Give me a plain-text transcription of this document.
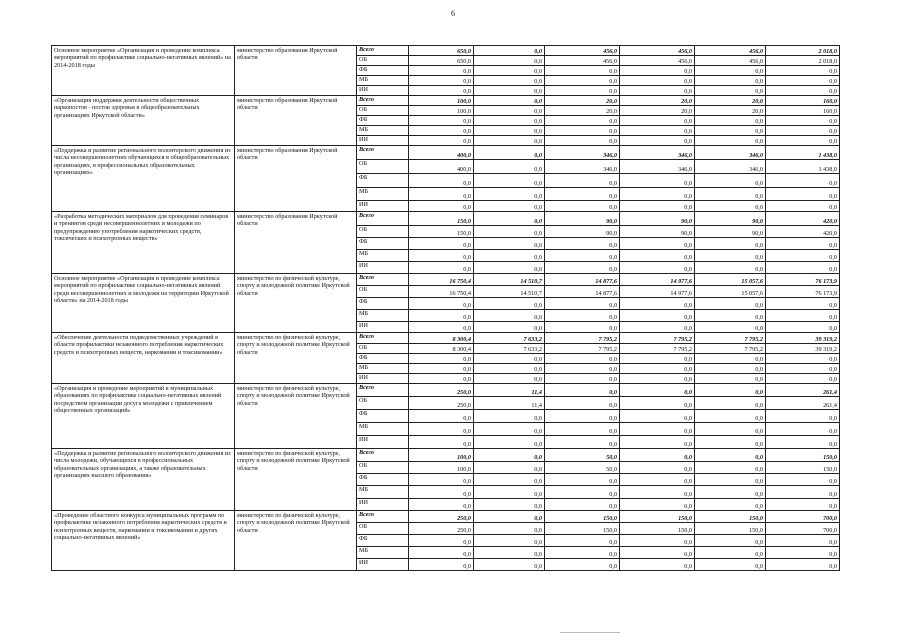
6
Основное мероприятие «Организация и проведение комплекса мероприятий по профилактике социально-негативных явлений» на 2014-2018 годы	министерство образования Иркутской области	Всего	650,0	0,0	456,0	456,0	456,0	2 018,0
		ОБ	650,0	0,0	456,0	456,0	456,0	2 018,0
		ФБ	0,0	0,0	0,0	0,0	0,0	0,0
		МБ	0,0	0,0	0,0	0,0	0,0	0,0
		ИИ	0,0	0,0	0,0	0,0	0,0	0,0
«Организация поддержки деятельности общественных наркопостов - постов здоровья в общеобразовательных организациях Иркутской области»	министерство образования Иркутской области	Всего	100,0	0,0	20,0	20,0	20,0	160,0
		ОБ	100,0	0,0	20,0	20,0	20,0	160,0
		ФБ	0,0	0,0	0,0	0,0	0,0	0,0
		МБ	0,0	0,0	0,0	0,0	0,0	0,0
		ИИ	0,0	0,0	0,0	0,0	0,0	0,0
«Поддержка и развитие регионального волонтерского движения из числа несовершеннолетних обучающихся в общеобразовательных организациях, в профессиональных образовательных организациях»	министерство образования Иркутской области	Всего	400,0	0,0	346,0	346,0	346,0	1 438,0
		ОБ	400,0	0,0	346,0	346,0	346,0	1 438,0
		ФБ	0,0	0,0	0,0	0,0	0,0	0,0
		МБ	0,0	0,0	0,0	0,0	0,0	0,0
		ИИ	0,0	0,0	0,0	0,0	0,0	0,0
«Разработка методических материалов для проведения семинаров и тренингов среди несовершеннолетних и молодежи по предупреждению употребления наркотических средств, токсических и психотропных веществ»	министерство образования Иркутской области	Всего	150,0	0,0	90,0	90,0	90,0	420,0
		ОБ	150,0	0,0	90,0	90,0	90,0	420,0
		ФБ	0,0	0,0	0,0	0,0	0,0	0,0
		МБ	0,0	0,0	0,0	0,0	0,0	0,0
		ИИ	0,0	0,0	0,0	0,0	0,0	0,0
Основное мероприятие «Организация и проведение комплекса мероприятий по профилактике социально-негативных явлений среди несовершеннолетних и молодежи на территории Иркутской области» на 2014-2018 годы	министерство по физической культуре, спорту и молодежной политике Иркутской области	Всего	16 750,4	14 510,7	14 877,6	14 977,6	15 057,6	76 173,9
		ОБ	16 750,4	14 510,7	14 877,6	14 977,6	15 057,6	76 173,9
		ФБ	0,0	0,0	0,0	0,0	0,0	0,0
		МБ	0,0	0,0	0,0	0,0	0,0	0,0
		ИИ	0,0	0,0	0,0	0,0	0,0	0,0
«Обеспечение деятельности подведомственных учреждений в области профилактики незаконного потребления наркотических средств и психотропных веществ, наркомании и токсикомании»	министерство по физической культуре, спорту и молодежной политике Иркутской области	Всего	8 300,4	7 633,2	7 795,2	7 795,2	7 795,2	39 319,2
		ОБ	8 300,4	7 633,2	7 795,2	7 795,2	7 795,2	39 319,2
		ФБ	0,0	0,0	0,0	0,0	0,0	0,0
		МБ	0,0	0,0	0,0	0,0	0,0	0,0
		ИИ	0,0	0,0	0,0	0,0	0,0	0,0
«Организация и проведение мероприятий в муниципальных образованиях по профилактике социально-негативных явлений посредством организации досуга молодежи с привлечением общественных организаций»	министерство по физической культуре, спорту и молодежной политике Иркутской области	Всего	250,0	11,4	0,0	0,0	0,0	261,4
		ОБ	250,0	11,4	0,0	0,0	0,0	261,4
		ФБ	0,0	0,0	0,0	0,0	0,0	0,0
		МБ	0,0	0,0	0,0	0,0	0,0	0,0
		ИИ	0,0	0,0	0,0	0,0	0,0	0,0
«Поддержка и развитие регионального волонтерского движения из числа молодежи, обучающихся в профессиональных образовательных организациях, а также образовательных организациях высшего образования»	министерство по физической культуре, спорту и молодежной политике Иркутской области	Всего	100,0	0,0	50,0	0,0	0,0	150,0
		ОБ	100,0	0,0	50,0	0,0	0,0	150,0
		ФБ	0,0	0,0	0,0	0,0	0,0	0,0
		МБ	0,0	0,0	0,0	0,0	0,0	0,0
		ИИ	0,0	0,0	0,0	0,0	0,0	0,0
«Проведение областного конкурса муниципальных программ по профилактике незаконного потребления наркотических средств и психотропных веществ, наркомании и токсикомании и других социально-негативных явлений»	министерство по физической культуре, спорту и молодежной политике Иркутской области	Всего	250,0	0,0	150,0	150,0	150,0	700,0
		ОБ	250,0	0,0	150,0	150,0	150,0	700,0
		ФБ	0,0	0,0	0,0	0,0	0,0	0,0
		МБ	0,0	0,0	0,0	0,0	0,0	0,0
		ИИ	0,0	0,0	0,0	0,0	0,0	0,0
